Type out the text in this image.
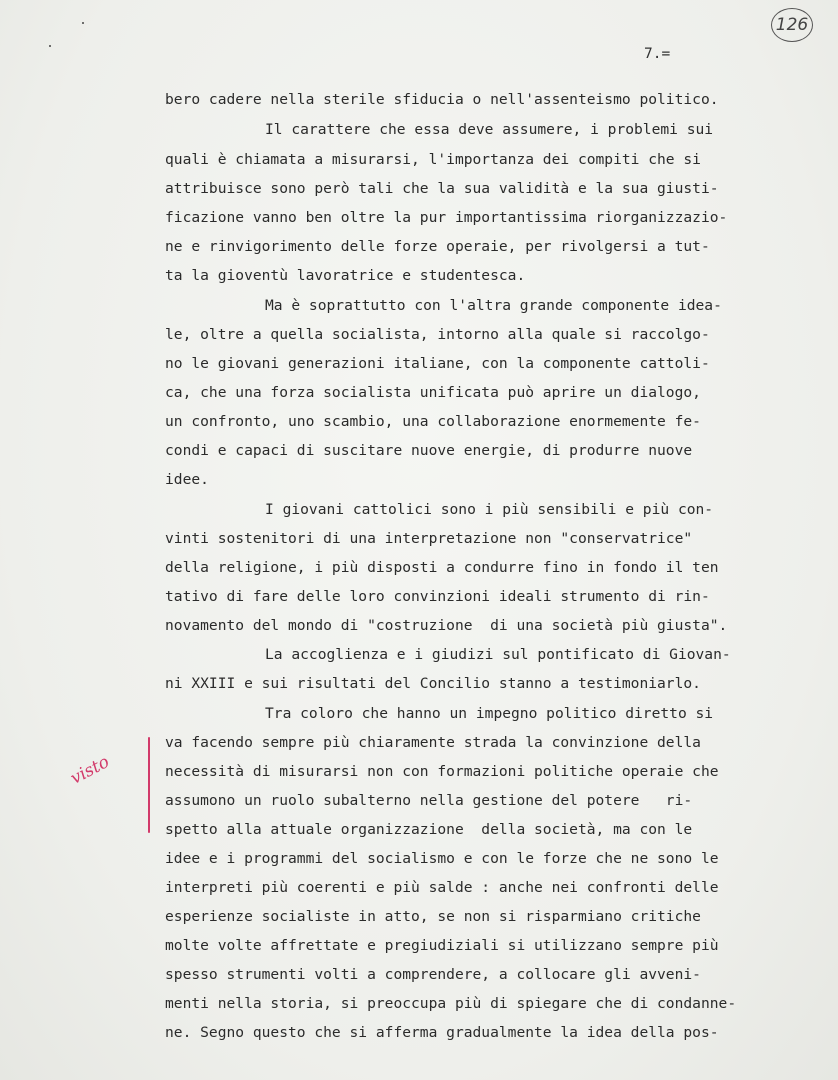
126
7.=
bero cadere nella sterile sfiducia o nell'assenteismo politico.
Il carattere che essa deve assumere, i problemi sui
quali è chiamata a misurarsi, l'importanza dei compiti che si
attribuisce sono però tali che la sua validità e la sua giusti-
ficazione vanno ben oltre la pur importantissima riorganizzazio-
ne e rinvigorimento delle forze operaie, per rivolgersi a tut-
ta la gioventù lavoratrice e studentesca.
Ma è soprattutto con l'altra grande componente idea-
le, oltre a quella socialista, intorno alla quale si raccolgo-
no le giovani generazioni italiane, con la componente cattoli-
ca, che una forza socialista unificata può aprire un dialogo,
un confronto, uno scambio, una collaborazione enormemente fe-
condi e capaci di suscitare nuove energie, di produrre nuove
idee.
I giovani cattolici sono i più sensibili e più con-
vinti sostenitori di una interpretazione non "conservatrice"
della religione, i più disposti a condurre fino in fondo il ten
tativo di fare delle loro convinzioni ideali strumento di rin-
novamento del mondo di "costruzione  di una società più giusta".
La accoglienza e i giudizi sul pontificato di Giovan-
ni XXIII e sui risultati del Concilio stanno a testimoniarlo.
Tra coloro che hanno un impegno politico diretto si
va facendo sempre più chiaramente strada la convinzione della
necessità di misurarsi non con formazioni politiche operaie che
assumono un ruolo subalterno nella gestione del potere   ri-
spetto alla attuale organizzazione  della società, ma con le
idee e i programmi del socialismo e con le forze che ne sono le
interpreti più coerenti e più salde : anche nei confronti delle
esperienze socialiste in atto, se non si risparmiano critiche
molte volte affrettate e pregiudiziali si utilizzano sempre più
spesso strumenti volti a comprendere, a collocare gli avveni-
menti nella storia, si preoccupa più di spiegare che di condanne-
ne. Segno questo che si afferma gradualmente la idea della pos-
visto
